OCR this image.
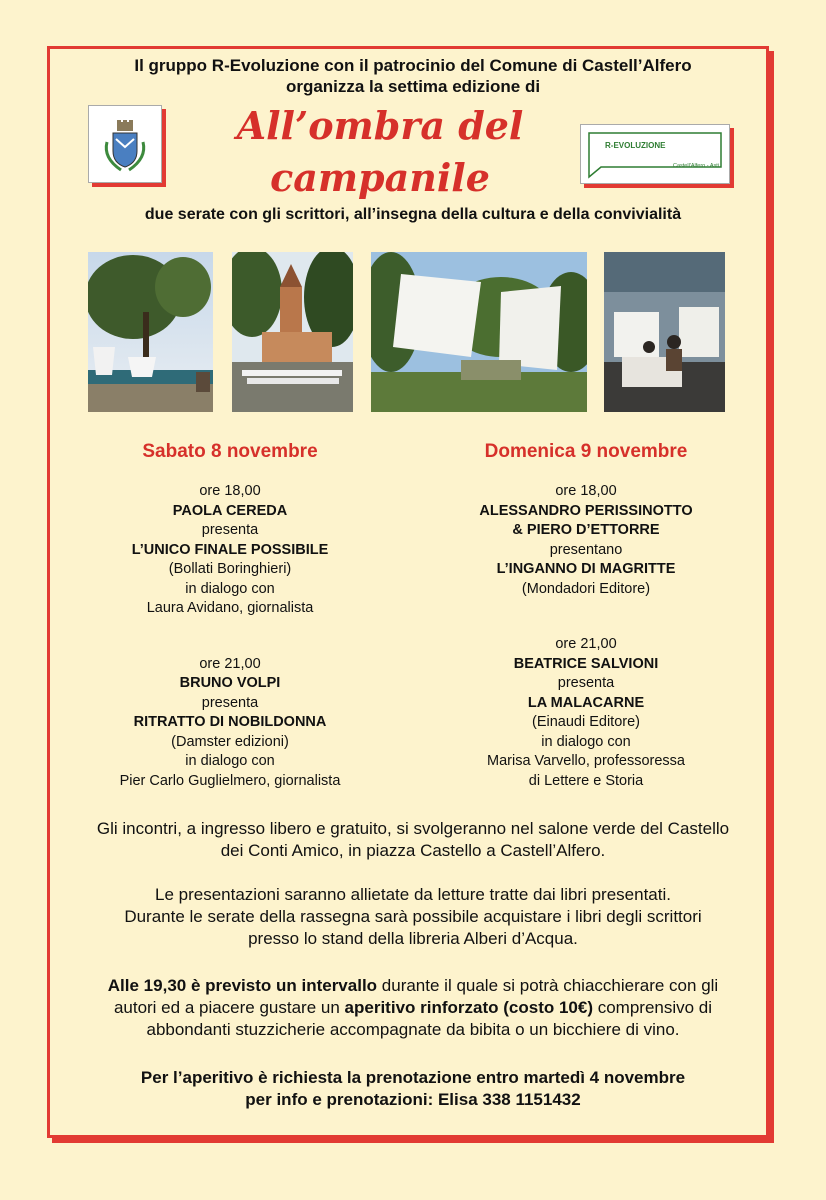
Il gruppo R-Evoluzione con il patrocinio del Comune di Castell’Alfero
organizza la settima edizione di
All’ombra del
campanile
R-EVOLUZIONE
Castell'Alfero - Asti
due serate con gli scrittori, all’insegna della cultura e della convivialità
Sabato 8 novembre
ore 18,00
PAOLA CEREDA
presenta
L’UNICO FINALE POSSIBILE
(Bollati Boringhieri)
in dialogo con
Laura Avidano, giornalista
ore 21,00
BRUNO VOLPI
presenta
RITRATTO DI NOBILDONNA
(Damster edizioni)
in dialogo con
Pier Carlo Guglielmero, giornalista
Domenica 9 novembre
ore 18,00
ALESSANDRO PERISSINOTTO
& PIERO D’ETTORRE
presentano
L’INGANNO DI MAGRITTE
(Mondadori Editore)
ore 21,00
BEATRICE SALVIONI
presenta
LA MALACARNE
(Einaudi Editore)
in dialogo con
Marisa Varvello, professoressa
di Lettere e Storia
Gli incontri, a ingresso libero e gratuito, si svolgeranno nel salone verde del Castello
dei Conti Amico, in piazza Castello a Castell’Alfero.
Le presentazioni saranno allietate da letture tratte dai libri presentati.
Durante le serate della rassegna sarà possibile acquistare i libri degli scrittori
presso lo stand della libreria Alberi d’Acqua.
Alle 19,30 è previsto un intervallo durante il quale si potrà chiacchierare con gli
autori ed a piacere gustare un aperitivo rinforzato (costo 10€) comprensivo di
abbondanti stuzzicherie accompagnate da bibita o un bicchiere di vino.
Per l’aperitivo è richiesta la prenotazione entro martedì 4 novembre
per info e prenotazioni: Elisa 338 1151432
